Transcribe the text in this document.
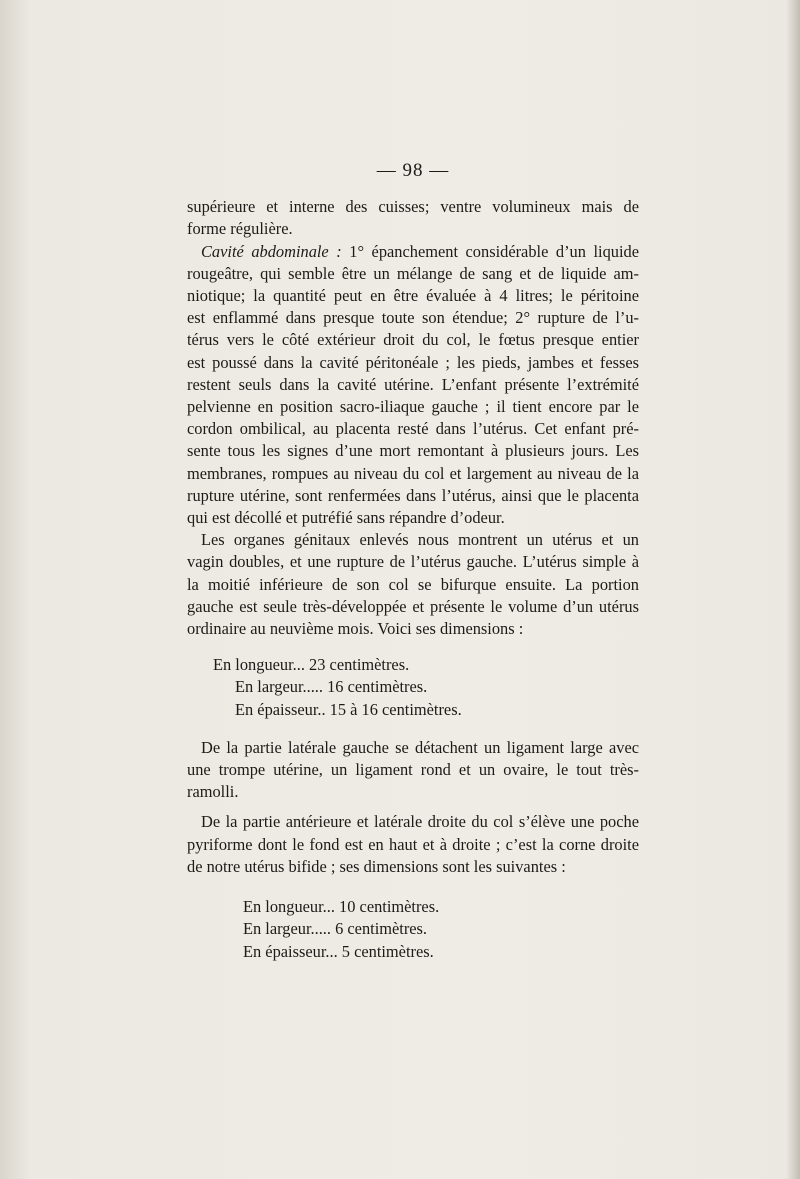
— 98 —

supérieure et interne des cuisses; ventre volumineux mais de
forme régulière.

Cavité abdominale : 1° épanchement considérable d’un liquide
rougeâtre, qui semble être un mélange de sang et de liquide am-
niotique; la quantité peut en être évaluée à 4 litres; le péritoine
est enflammé dans presque toute son étendue; 2° rupture de l’u-
térus vers le côté extérieur droit du col, le fœtus presque entier
est poussé dans la cavité péritonéale ; les pieds, jambes et fesses
restent seuls dans la cavité utérine. L’enfant présente l’extrémité
pelvienne en position sacro-iliaque gauche ; il tient encore par le
cordon ombilical, au placenta resté dans l’utérus. Cet enfant pré-
sente tous les signes d’une mort remontant à plusieurs jours. Les
membranes, rompues au niveau du col et largement au niveau de la
rupture utérine, sont renfermées dans l’utérus, ainsi que le placenta
qui est décollé et putréfié sans répandre d’odeur.

Les organes génitaux enlevés nous montrent un utérus et un
vagin doubles, et une rupture de l’utérus gauche. L’utérus simple à
la moitié inférieure de son col se bifurque ensuite. La portion
gauche est seule très-développée et présente le volume d’un utérus
ordinaire au neuvième mois. Voici ses dimensions :

En longueur... 23 centimètres.
En largeur..... 16 centimètres.
En épaisseur.. 15 à 16 centimètres.

De la partie latérale gauche se détachent un ligament large avec
une trompe utérine, un ligament rond et un ovaire, le tout très-
ramolli.

De la partie antérieure et latérale droite du col s’élève une poche
pyriforme dont le fond est en haut et à droite ; c’est la corne droite
de notre utérus bifide ; ses dimensions sont les suivantes :

En longueur... 10 centimètres.
En largeur..... 6 centimètres.
En épaisseur... 5 centimètres.
